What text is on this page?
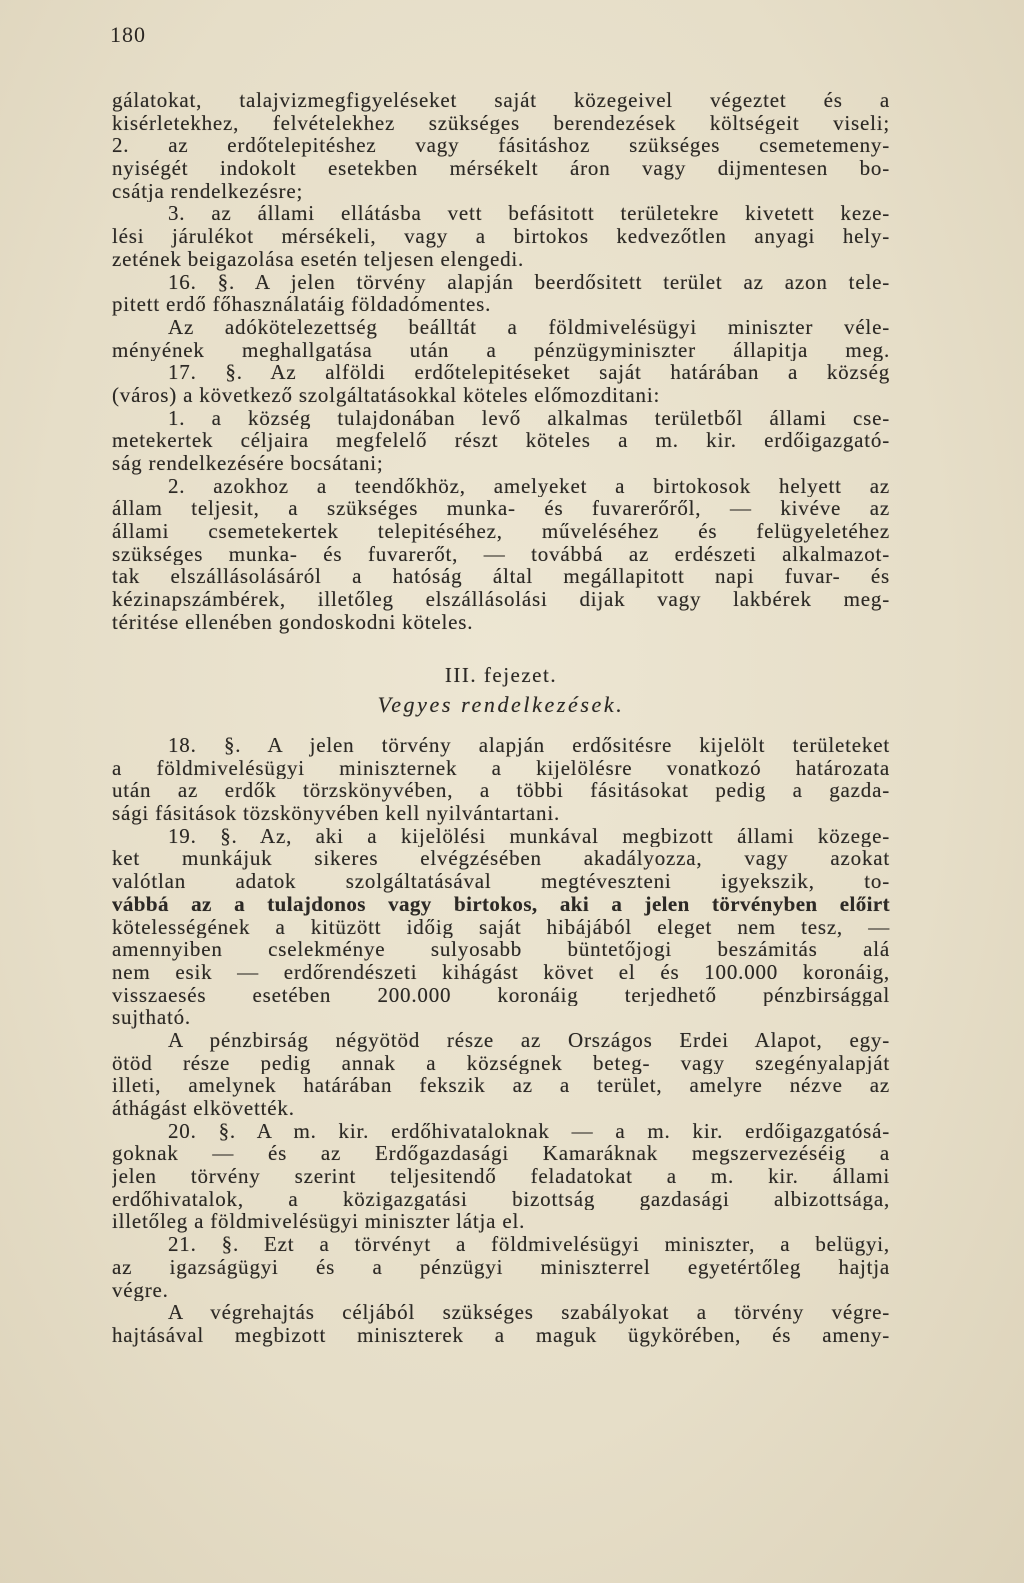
180
gálatokat, talajvizmegfigyeléseket saját közegeivel végeztet és a
kisérletekhez, felvételekhez szükséges berendezések költségeit viseli;
2. az erdőtelepitéshez vagy fásitáshoz szükséges csemetemeny-
nyiségét indokolt esetekben mérsékelt áron vagy dijmentesen bo-
csátja rendelkezésre;
3. az állami ellátásba vett befásitott területekre kivetett keze-
lési járulékot mérsékeli, vagy a birtokos kedvezőtlen anyagi hely-
zetének beigazolása esetén teljesen elengedi.
16. §. A jelen törvény alapján beerdősitett terület az azon tele-
pitett erdő főhasználatáig földadómentes.
Az adókötelezettség beálltát a földmivelésügyi miniszter véle-
ményének meghallgatása után a pénzügyminiszter állapitja meg.
17. §. Az alföldi erdőtelepitéseket saját határában a község
(város) a következő szolgáltatásokkal köteles előmozditani:
1. a község tulajdonában levő alkalmas területből állami cse-
metekertek céljaira megfelelő részt köteles a m. kir. erdőigazgató-
ság rendelkezésére bocsátani;
2. azokhoz a teendőkhöz, amelyeket a birtokosok helyett az
állam teljesit, a szükséges munka- és fuvarerőről, — kivéve az
állami csemetekertek telepitéséhez, műveléséhez és felügyeletéhez
szükséges munka- és fuvarerőt, — továbbá az erdészeti alkalmazot-
tak elszállásolásáról a hatóság által megállapitott napi fuvar- és
kézinapszámbérek, illetőleg elszállásolási dijak vagy lakbérek meg-
téritése ellenében gondoskodni köteles.
III. fejezet.
Vegyes rendelkezések.
18. §. A jelen törvény alapján erdősitésre kijelölt területeket
a földmivelésügyi miniszternek a kijelölésre vonatkozó határozata
után az erdők törzskönyvében, a többi fásitásokat pedig a gazda-
sági fásitások tözskönyvében kell nyilvántartani.
19. §. Az, aki a kijelölési munkával megbizott állami közege-
ket munkájuk sikeres elvégzésében akadályozza, vagy azokat
valótlan adatok szolgáltatásával megtéveszteni igyekszik, to-
vábbá az a tulajdonos vagy birtokos, aki a jelen törvényben előirt
kötelességének a kitüzött időig saját hibájából eleget nem tesz, —
amennyiben cselekménye sulyosabb büntetőjogi beszámitás alá
nem esik — erdőrendészeti kihágást követ el és 100.000 koronáig,
visszaesés esetében 200.000 koronáig terjedhető pénzbirsággal
sujtható.
A pénzbirság négyötöd része az Országos Erdei Alapot, egy-
ötöd része pedig annak a községnek beteg- vagy szegényalapját
illeti, amelynek határában fekszik az a terület, amelyre nézve az
áthágást elkövették.
20. §. A m. kir. erdőhivataloknak — a m. kir. erdőigazgatósá-
goknak — és az Erdőgazdasági Kamaráknak megszervezéséig a
jelen törvény szerint teljesitendő feladatokat a m. kir. állami
erdőhivatalok, a közigazgatási bizottság gazdasági albizottsága,
illetőleg a földmivelésügyi miniszter látja el.
21. §. Ezt a törvényt a földmivelésügyi miniszter, a belügyi,
az igazságügyi és a pénzügyi miniszterrel egyetértőleg hajtja
végre.
A végrehajtás céljából szükséges szabályokat a törvény végre-
hajtásával megbizott miniszterek a maguk ügykörében, és ameny-
